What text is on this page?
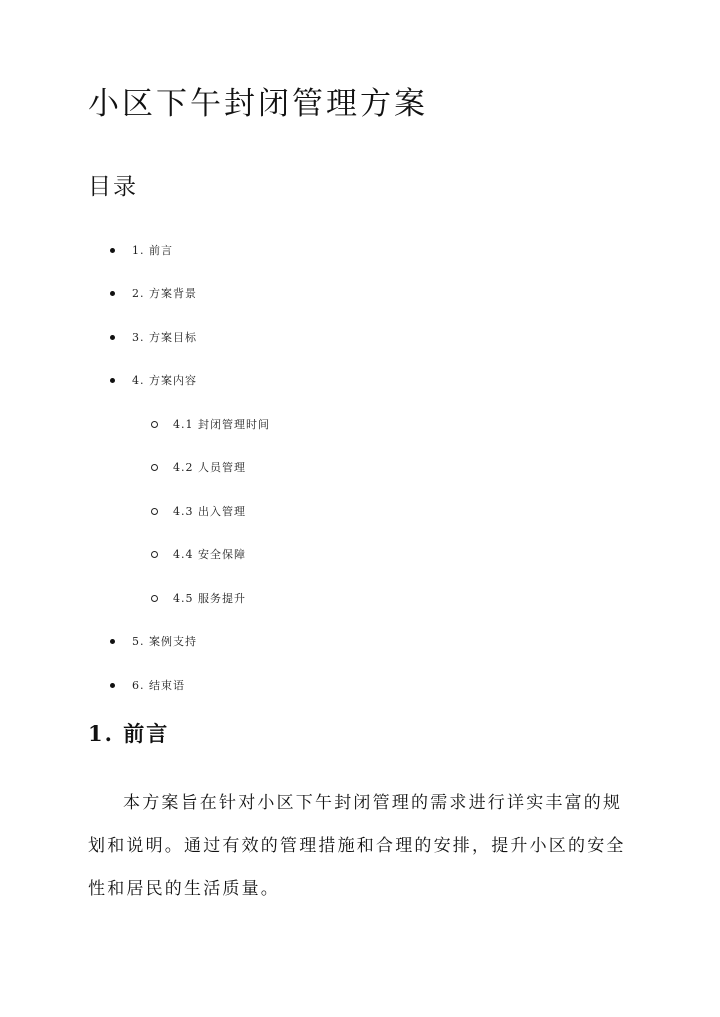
小区下午封闭管理方案
目录
1. 前言
2. 方案背景
3. 方案目标
4. 方案内容
4.1 封闭管理时间
4.2 人员管理
4.3 出入管理
4.4 安全保障
4.5 服务提升
5. 案例支持
6. 结束语
1. 前言

本方案旨在针对小区下午封闭管理的需求进行详实丰富的规划和说明。通过有效的管理措施和合理的安排，提升小区的安全性和居民的生活质量。
